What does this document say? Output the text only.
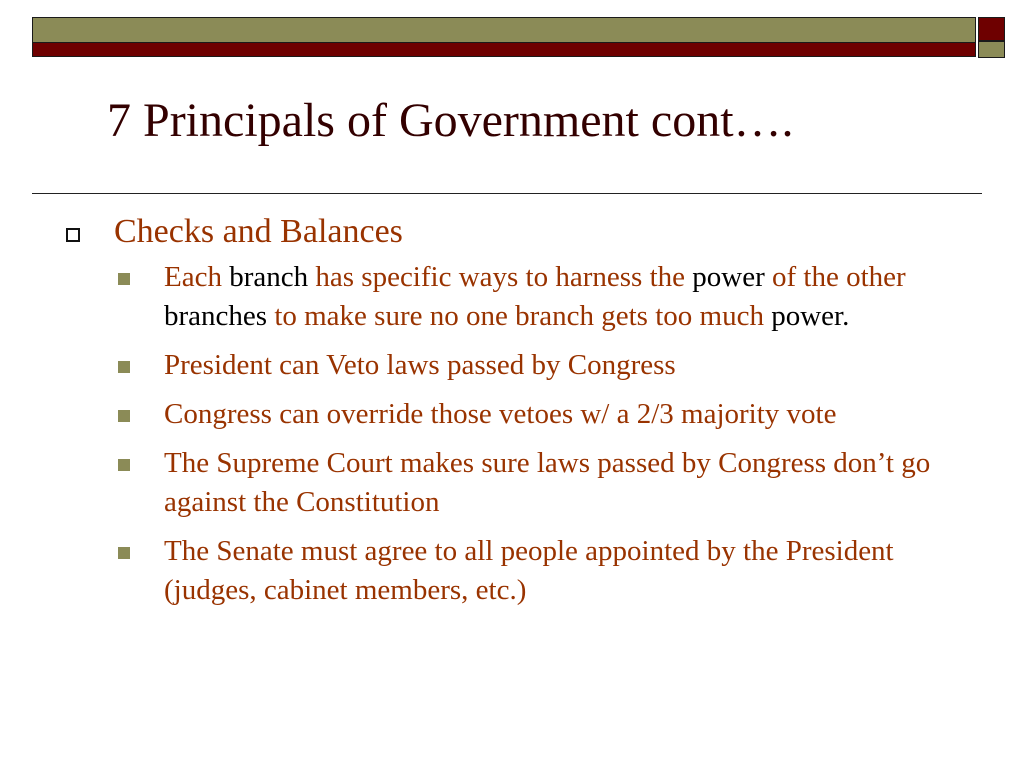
7 Principals of Government cont….
Checks and Balances
Each branch has specific ways to harness the power of the other branches to make sure no one branch gets too much power.
President can Veto laws passed by Congress
Congress can override those vetoes w/ a 2/3 majority vote
The Supreme Court makes sure laws passed by Congress don’t go against the Constitution
The Senate must agree to all people appointed by the President (judges, cabinet members, etc.)
